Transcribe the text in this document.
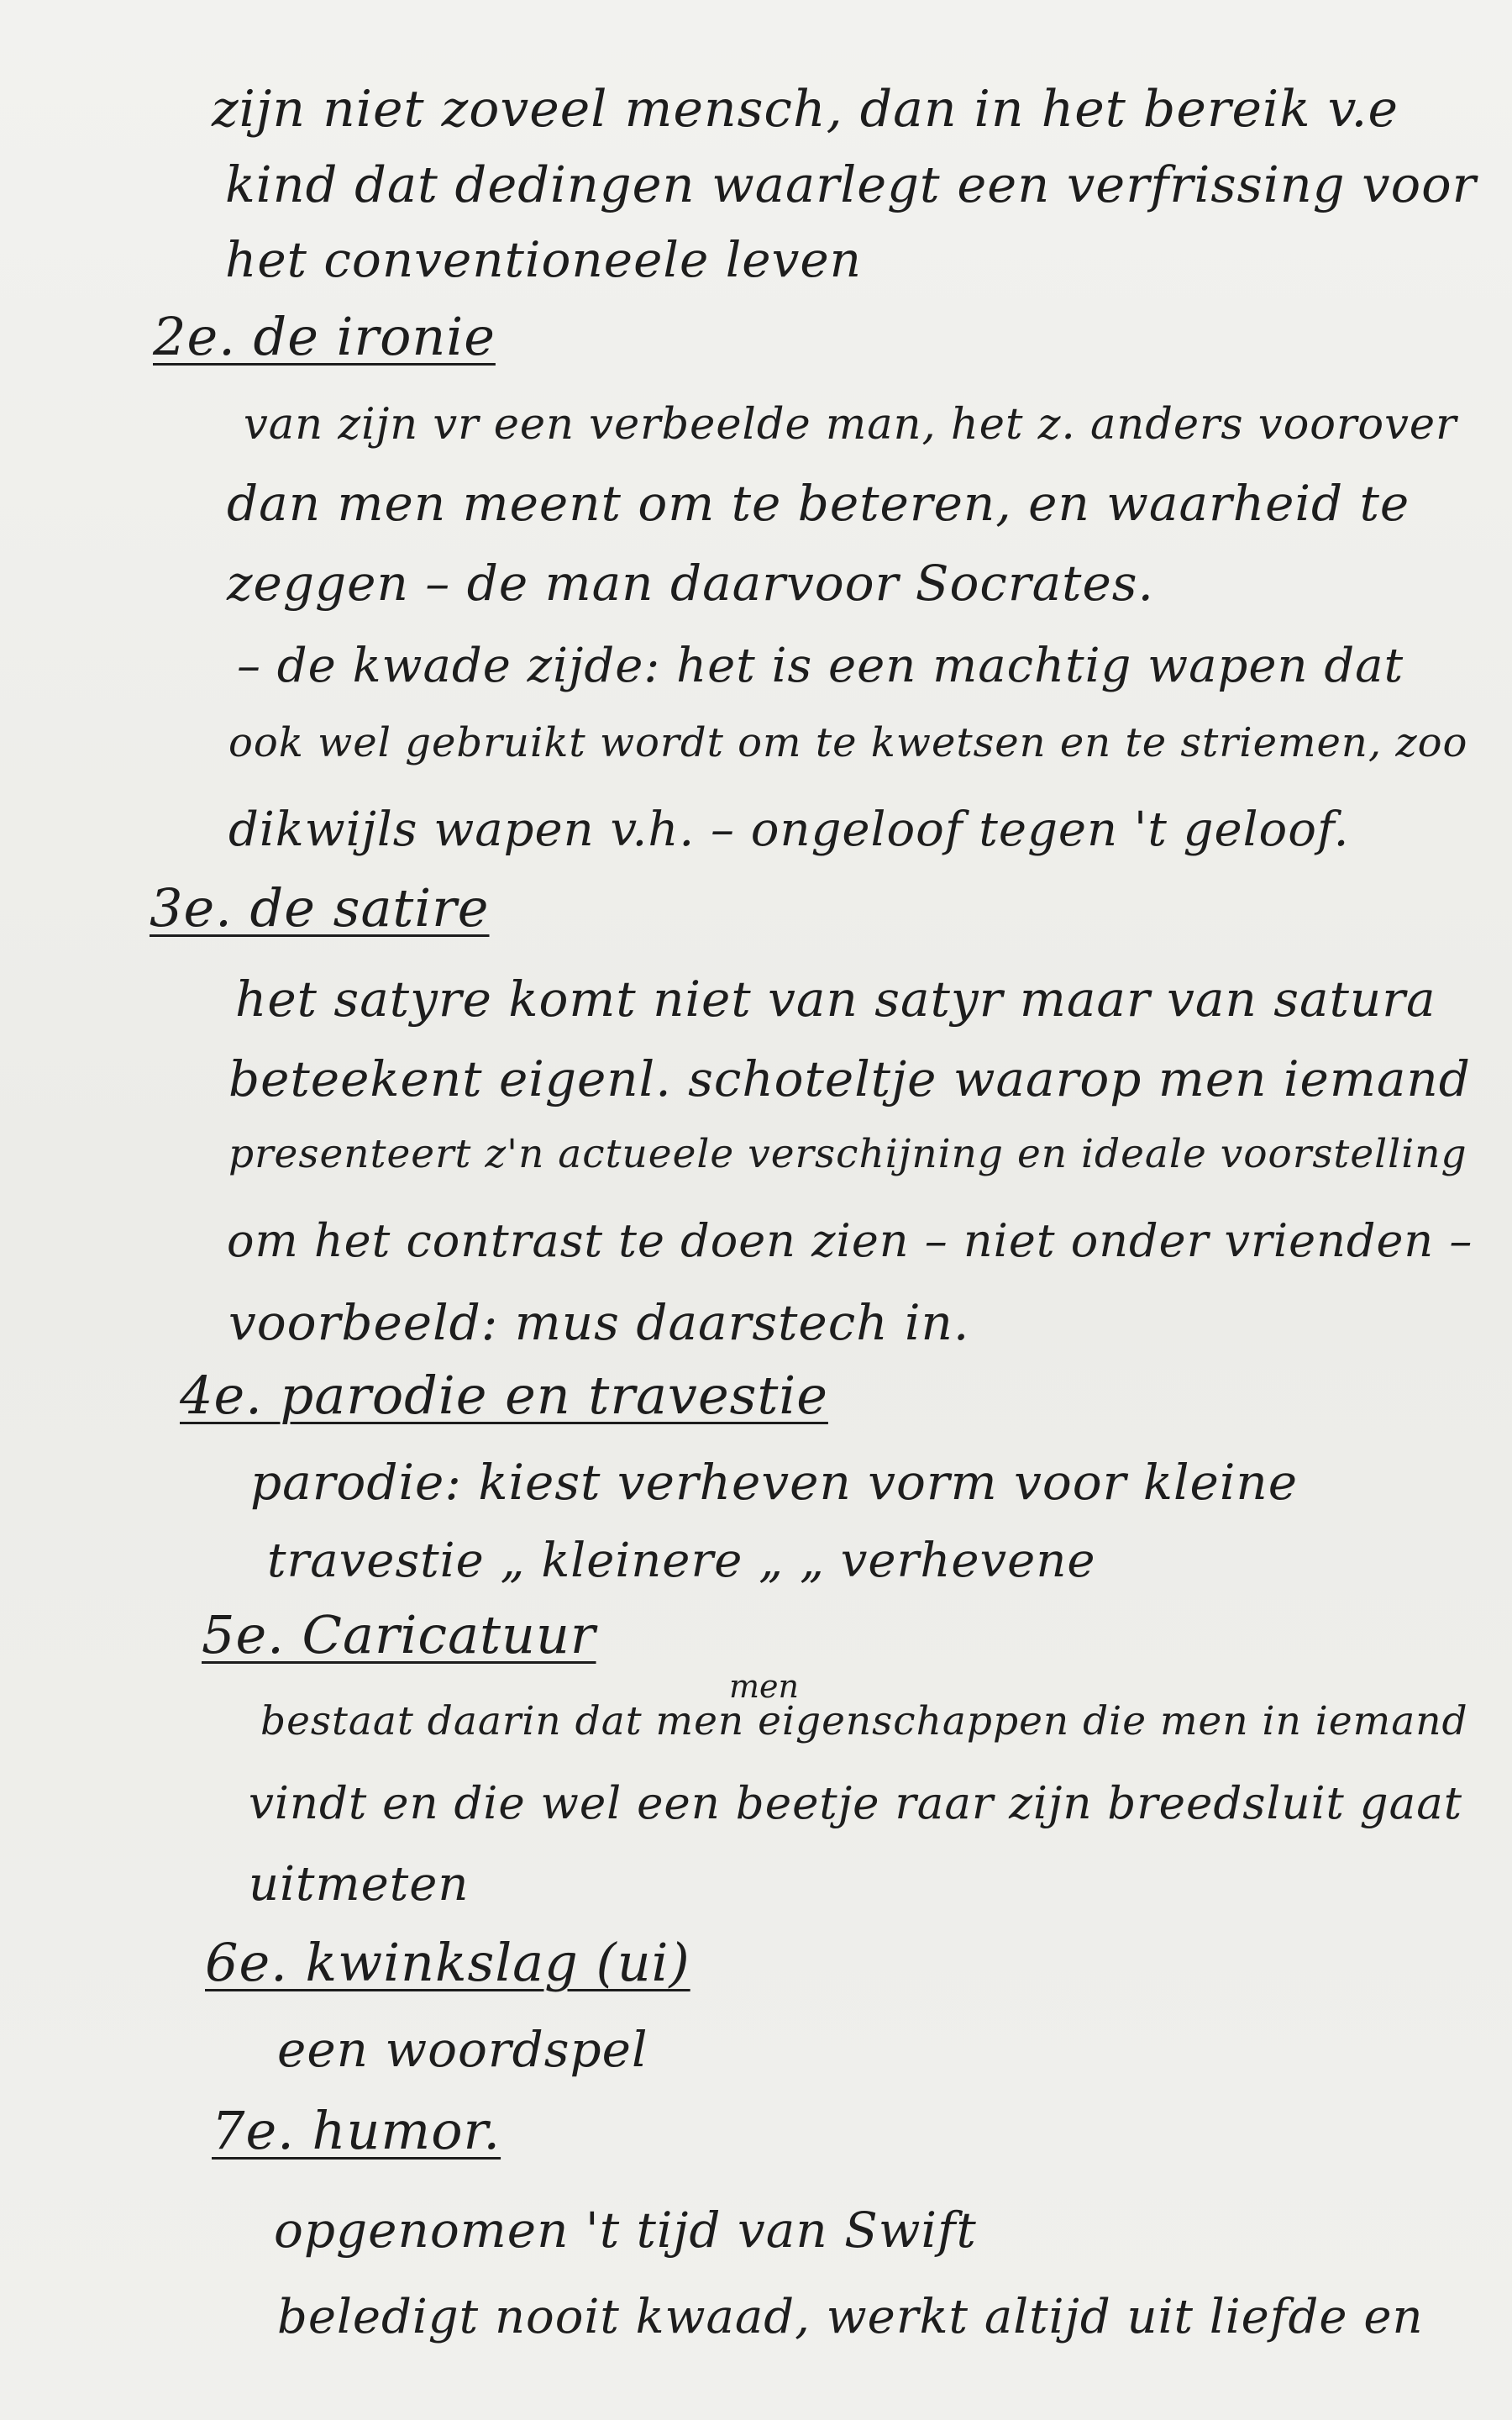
zijn niet zoveel mensch, dan in het bereik v.e
kind dat dedingen waarlegt een verfrissing voor
het conventioneele leven
2e. de ironie
van zijn vr een verbeelde man, het z. anders voorover
dan men meent om te beteren, en waarheid te
zeggen – de man daarvoor Socrates.
– de kwade zijde: het is een machtig wapen dat
ook wel gebruikt wordt om te kwetsen en te striemen, zoo
dikwijls wapen v.h. – ongeloof tegen 't geloof.
3e. de satire
het satyre komt niet van satyr maar van satura
beteekent eigenl. schoteltje waarop men iemand
presenteert z'n actueele verschijning en ideale voorstelling
om het contrast te doen zien – niet onder vrienden –
voorbeeld: mus daarstech in.
4e. parodie en travestie
parodie: kiest verheven vorm voor kleine
travestie „ kleinere „ „ verhevene
5e. Caricatuur
men
bestaat daarin dat men eigenschappen die men in iemand
vindt en die wel een beetje raar zijn breedsluit gaat
uitmeten
6e. kwinkslag (ui)
een woordspel
7e. humor.
opgenomen 't tijd van Swift
beledigt nooit kwaad, werkt altijd uit liefde en
